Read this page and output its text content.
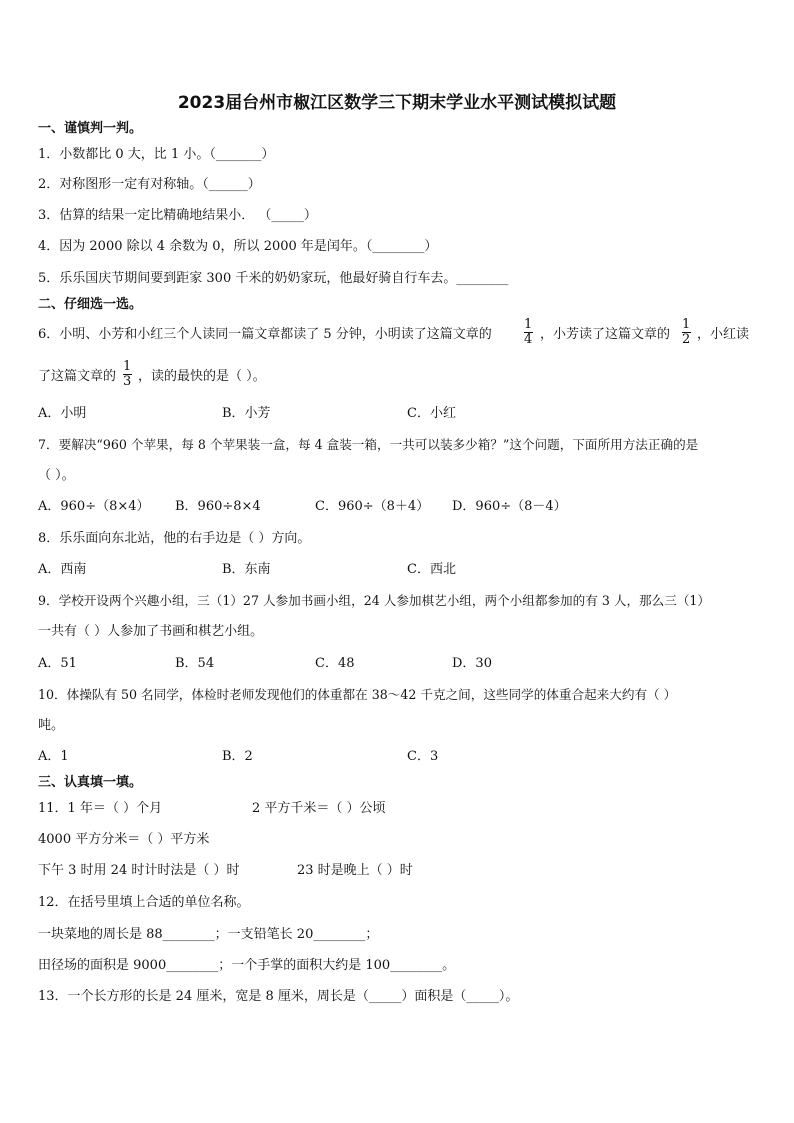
2023届台州市椒江区数学三下期末学业水平测试模拟试题
一、谨慎判一判。
1．小数都比 0 大，比 1 小。（_______）
2．对称图形一定有对称轴。（______）
3．估算的结果一定比精确地结果小． （_____）
4．因为 2000 除以 4 余数为 0，所以 2000 年是闰年。（________）
5．乐乐国庆节期间要到距家 300 千米的奶奶家玩，他最好骑自行车去。________
二、仔细选一选。
6．小明、小芳和小红三个人读同一篇文章都读了 5 分钟，小明读了这篇文章的
1
4 ，小芳读了这篇文章的
1
2 ，小红读
了这篇文章的
1
3 ，读的最快的是（ ）。
A．小明	B．小芳	C．小红
7．要解决“960 个苹果，每 8 个苹果装一盒，每 4 盒装一箱，一共可以装多少箱？”这个问题，下面所用方法正确的是
（ ）。
A．960÷（8×4） B．960÷8×4	C．960÷（8＋4） D．960÷（8－4）
8．乐乐面向东北站，他的右手边是（ ）方向。
A．西南	B．东南	C．西北
9．学校开设两个兴趣小组，三（1）27 人参加书画小组，24 人参加棋艺小组，两个小组都参加的有 3 人，那么三（1）
一共有（ ）人参加了书画和棋艺小组。
A．51	B．54	C．48	D．30
10．体操队有 50 名同学，体检时老师发现他们的体重都在 38～42 千克之间，这些同学的体重合起来大约有（ ）
吨。
A．1	B．2	C．3
三、认真填一填。
11．1 年＝（ ）个月	2 平方千米＝（ ）公顷
4000 平方分米＝（ ）平方米
下午 3 时用 24 时计时法是（ ）时	23 时是晚上（ ）时
12．在括号里填上合适的单位名称。
一块菜地的周长是 88________；一支铅笔长 20________；
田径场的面积是 9000________；一个手掌的面积大约是 100________。
13．一个长方形的长是 24 厘米，宽是 8 厘米，周长是（_____）面积是（_____）。
